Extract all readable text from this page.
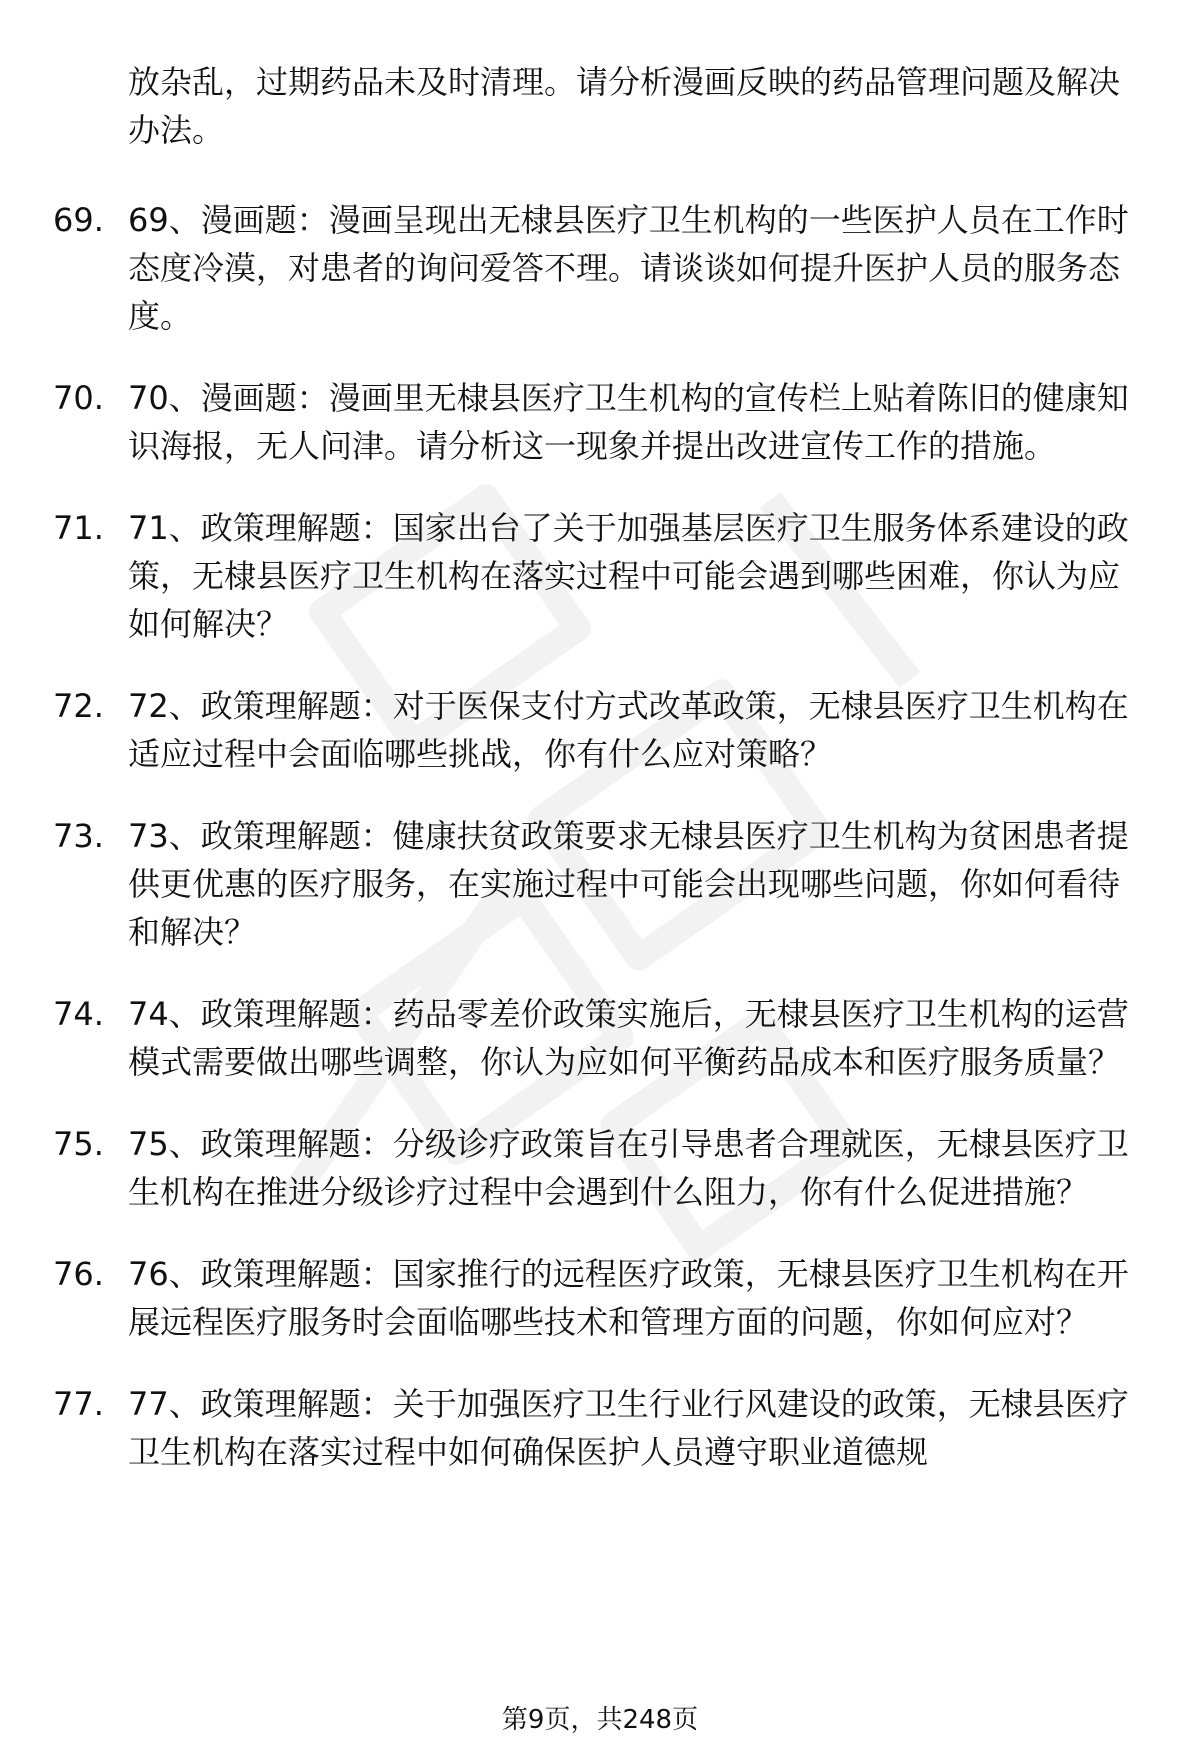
放杂乱，过期药品未及时清理。请分析漫画反映的药品管理问题及解决办法。
69. 69、漫画题：漫画呈现出无棣县医疗卫生机构的一些医护人员在工作时态度冷漠，对患者的询问爱答不理。请谈谈如何提升医护人员的服务态度。
70. 70、漫画题：漫画里无棣县医疗卫生机构的宣传栏上贴着陈旧的健康知识海报，无人问津。请分析这一现象并提出改进宣传工作的措施。
71. 71、政策理解题：国家出台了关于加强基层医疗卫生服务体系建设的政策，无棣县医疗卫生机构在落实过程中可能会遇到哪些困难，你认为应如何解决？
72. 72、政策理解题：对于医保支付方式改革政策，无棣县医疗卫生机构在适应过程中会面临哪些挑战，你有什么应对策略？
73. 73、政策理解题：健康扶贫政策要求无棣县医疗卫生机构为贫困患者提供更优惠的医疗服务，在实施过程中可能会出现哪些问题，你如何看待和解决？
74. 74、政策理解题：药品零差价政策实施后，无棣县医疗卫生机构的运营模式需要做出哪些调整，你认为应如何平衡药品成本和医疗服务质量？
75. 75、政策理解题：分级诊疗政策旨在引导患者合理就医，无棣县医疗卫生机构在推进分级诊疗过程中会遇到什么阻力，你有什么促进措施？
76. 76、政策理解题：国家推行的远程医疗政策，无棣县医疗卫生机构在开展远程医疗服务时会面临哪些技术和管理方面的问题，你如何应对？
77. 77、政策理解题：关于加强医疗卫生行业行风建设的政策，无棣县医疗卫生机构在落实过程中如何确保医护人员遵守职业道德规
第9页，共248页
